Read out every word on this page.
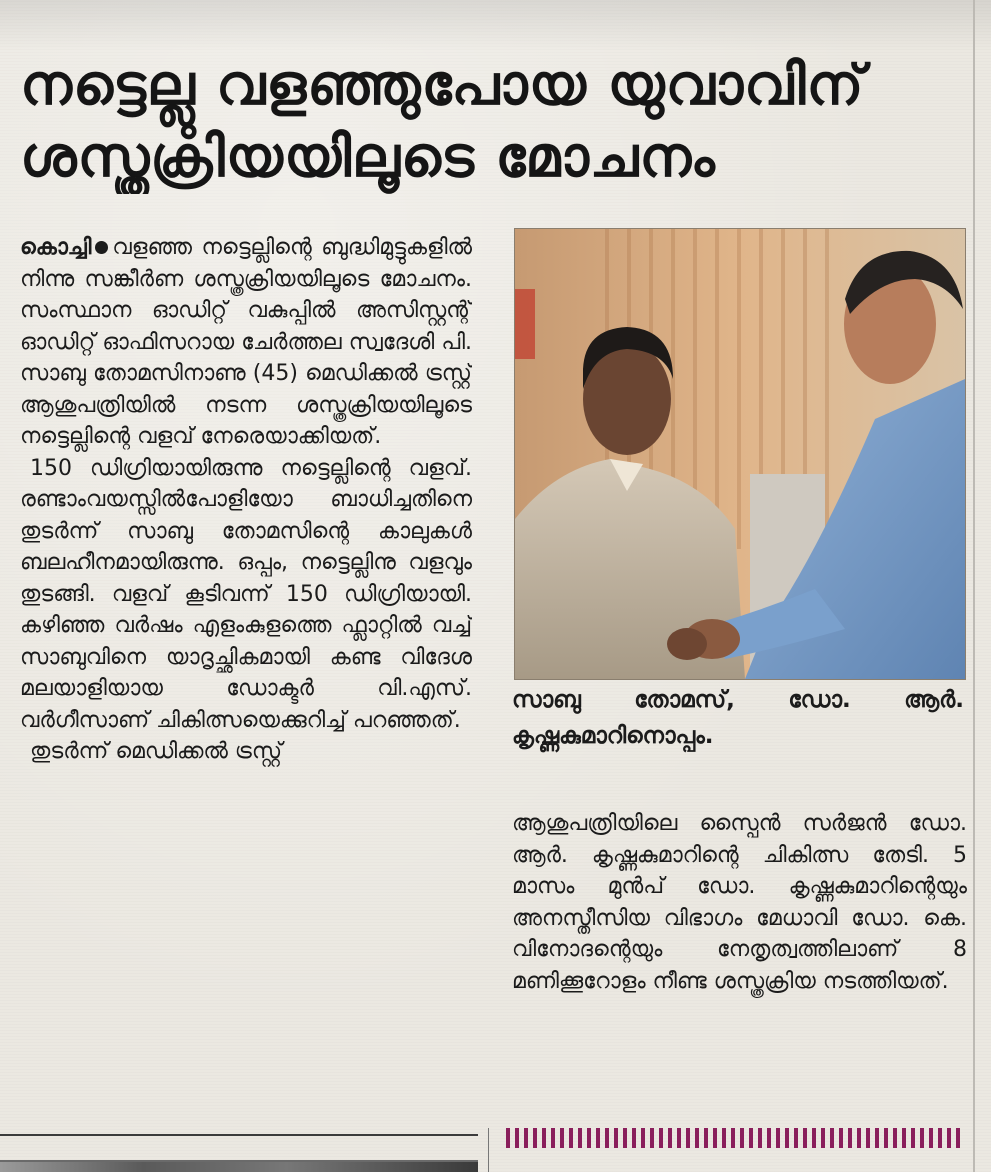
നട്ടെല്ലു വളഞ്ഞുപോയ യുവാവിന്
ശസ്ത്രക്രിയയിലൂടെ മോചനം

കൊച്ചി വളഞ്ഞ നട്ടെല്ലിന്റെ ബുദ്ധിമുട്ടുകളിൽ നിന്നു സങ്കീർണ ശസ്ത്രക്രിയയിലൂടെ മോചനം. സംസ്ഥാന ഓഡിറ്റ് വകുപ്പിൽ അസിസ്റ്റന്റ് ഓഡിറ്റ് ഓഫിസറായ ചേർത്തല സ്വദേശി പി. സാബു തോമസിനാണു (45) മെഡിക്കൽ ട്രസ്റ്റ് ആശുപത്രിയിൽ നടന്ന ശസ്ത്രക്രിയയിലൂടെ നട്ടെല്ലിന്റെ വളവ് നേരെയാക്കിയത്.

150 ഡിഗ്രിയായിരുന്നു നട്ടെല്ലിന്റെ വളവ്. രണ്ടാംവയസ്സിൽപോളിയോ ബാധിച്ചതിനെ തുടർന്ന് സാബു തോമസിന്റെ കാലുകൾ ബലഹീനമായിരുന്നു. ഒപ്പം, നട്ടെല്ലിനു വളവും തുടങ്ങി. വളവ് കൂടിവന്ന് 150 ഡിഗ്രിയായി. കഴിഞ്ഞ വർഷം എളംകുളത്തെ ഫ്ലാറ്റിൽ വച്ച് സാബുവിനെ യാദൃച്ഛികമായി കണ്ട വിദേശ മലയാളിയായ ഡോക്ടർ വി.എസ്. വർഗീസാണ് ചികിത്സയെക്കുറിച്ച് പറഞ്ഞത്.

തുടർന്ന് മെഡിക്കൽ ട്രസ്റ്റ്

സാബു തോമസ്, ഡോ. ആർ. കൃഷ്ണകുമാറിനൊപ്പം.

ആശുപത്രിയിലെ സ്പൈൻ സർജൻ ഡോ. ആർ. കൃഷ്ണകുമാറിന്റെ ചികിത്സ തേടി. 5 മാസം മുൻപ് ഡോ. കൃഷ്ണകുമാറിന്റെയും അനസ്തീസിയ വിഭാഗം മേധാവി ഡോ. കെ. വിനോദന്റെയും നേതൃത്വത്തിലാണ് 8 മണിക്കൂറോളം നീണ്ട ശസ്ത്രക്രിയ നടത്തിയത്.
